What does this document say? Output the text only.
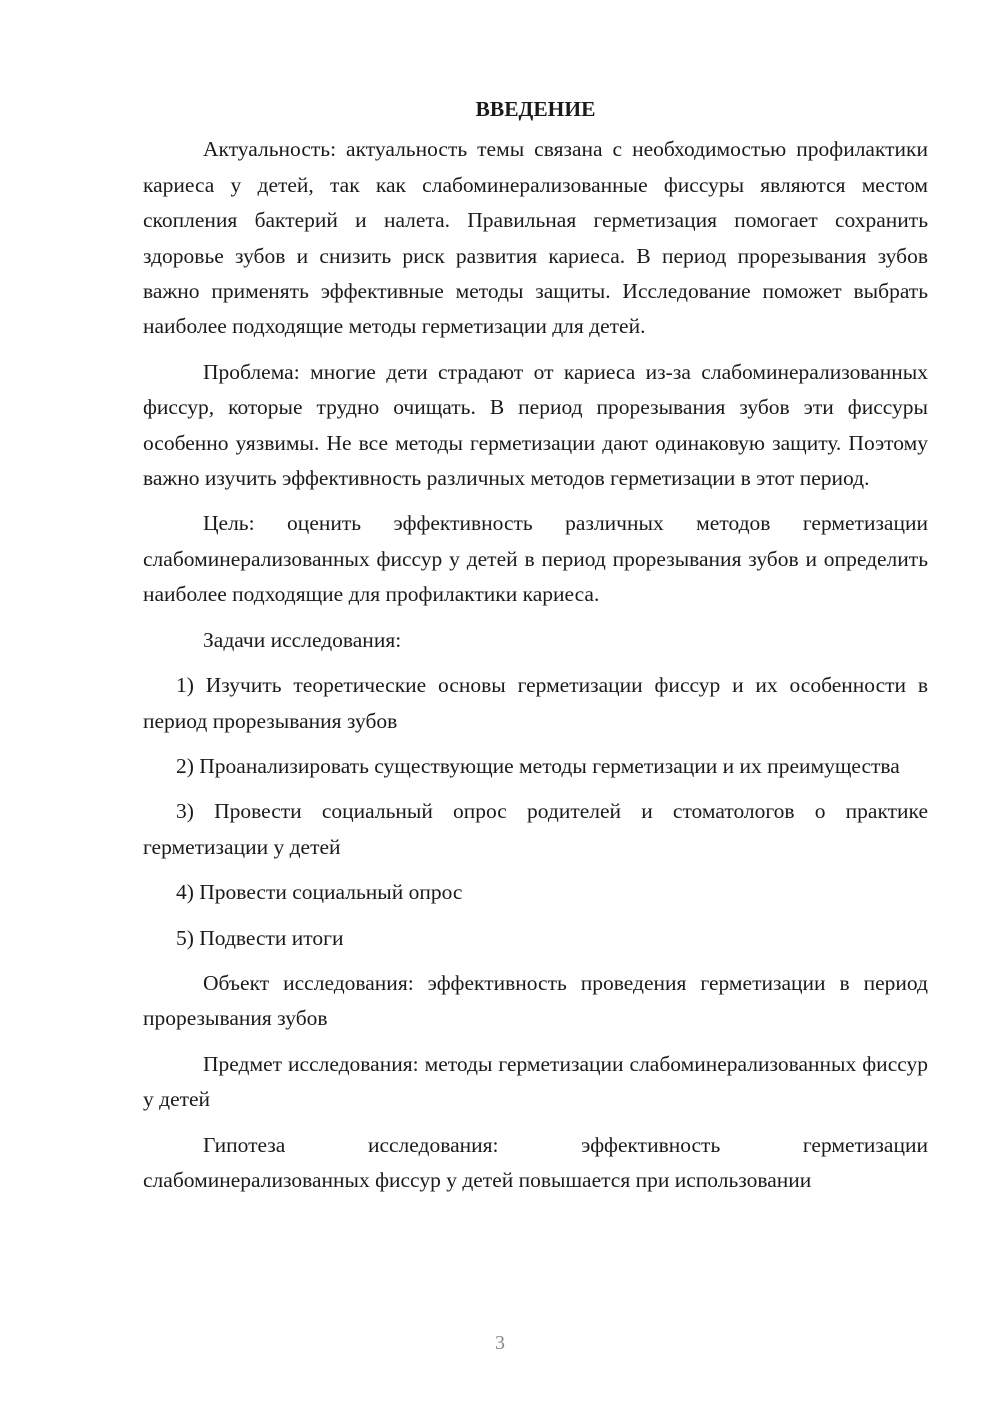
ВВЕДЕНИЕ

Актуальность: актуальность темы связана с необходимостью профилактики кариеса у детей, так как слабоминерализованные фиссуры являются местом скопления бактерий и налета. Правильная герметизация помогает сохранить здоровье зубов и снизить риск развития кариеса. В период прорезывания зубов важно применять эффективные методы защиты. Исследование поможет выбрать наиболее подходящие методы герметизации для детей.

Проблема: многие дети страдают от кариеса из-за слабоминерализованных фиссур, которые трудно очищать. В период прорезывания зубов эти фиссуры особенно уязвимы. Не все методы герметизации дают одинаковую защиту. Поэтому важно изучить эффективность различных методов герметизации в этот период.

Цель: оценить эффективность различных методов герметизации слабоминерализованных фиссур у детей в период прорезывания зубов и определить наиболее подходящие для профилактики кариеса.

Задачи исследования:

1) Изучить теоретические основы герметизации фиссур и их особенности в период прорезывания зубов

2) Проанализировать существующие методы герметизации и их преимущества

3) Провести социальный опрос родителей и стоматологов о практике герметизации у детей

4) Провести социальный опрос

5) Подвести итоги

Объект исследования: эффективность проведения герметизации в период прорезывания зубов

Предмет исследования: методы герметизации слабоминерализованных фиссур у детей

Гипотеза исследования: эффективность герметизации слабоминерализованных фиссур у детей повышается при использовании

3
